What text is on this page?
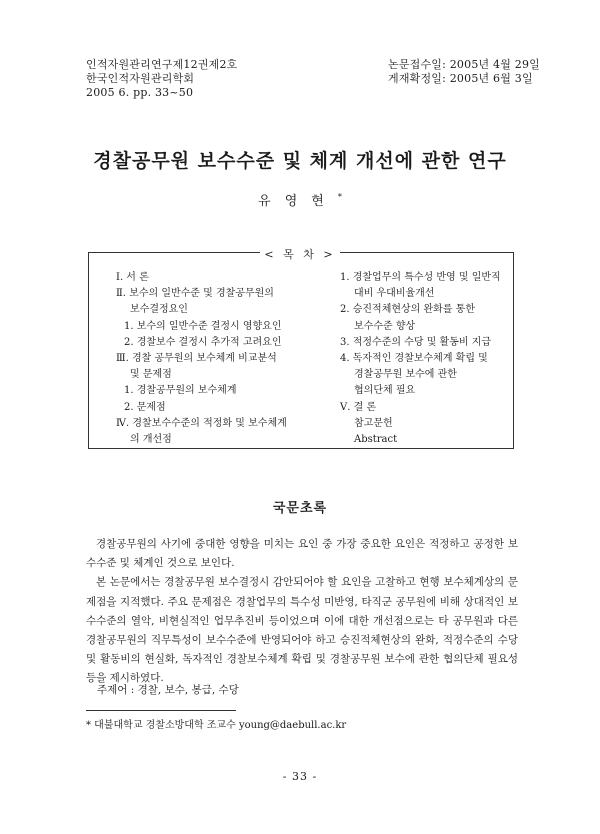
인적자원관리연구제12권제2호
한국인적자원관리학회
2005 6. pp. 33~50
논문접수일: 2005년 4월 29일
게재확정일: 2005년 6월 3일
경찰공무원 보수수준 및 체계 개선에 관한 연구
유영현*
< 목 차 >
Ⅰ. 서 론
Ⅱ. 보수의 일반수준 및 경찰공무원의
보수결정요인
1. 보수의 일반수준 결정시 영향요인
2. 경찰보수 결정시 추가적 고려요인
Ⅲ. 경찰 공무원의 보수체계 비교분석
및 문제점
1. 경찰공무원의 보수체계
2. 문제점
Ⅳ. 경찰보수수준의 적정화 및 보수체계
의 개선점
1. 경찰업무의 특수성 반영 및 일반직
대비 우대비율개선
2. 승진적체현상의 완화를 통한
보수수준 향상
3. 적정수준의 수당 및 활동비 지급
4. 독자적인 경찰보수체계 확립 및
경찰공무원 보수에 관한
협의단체 필요
Ⅴ. 결 론
참고문헌
Abstract
국문초록

경찰공무원의 사기에 중대한 영향을 미치는 요인 중 가장 중요한 요인은 적정하고 공정한 보수수준 및 체계인 것으로 보인다.

본 논문에서는 경찰공무원 보수결정시 감안되어야 할 요인을 고찰하고 현행 보수체계상의 문제점을 지적했다. 주요 문제점은 경찰업무의 특수성 미반영, 타직군 공무원에 비해 상대적인 보수수준의 열악, 비현실적인 업무추진비 등이었으며 이에 대한 개선점으로는 타 공무원과 다른 경찰공무원의 직무특성이 보수수준에 반영되어야 하고 승진적체현상의 완화, 적정수준의 수당 및 활동비의 현실화, 독자적인 경찰보수체계 확립 및 경찰공무원 보수에 관한 협의단체 필요성 등을 제시하였다.

주제어 : 경찰, 보수, 봉급, 수당
* 대불대학교 경찰소방대학 조교수 young@daebull.ac.kr
- 33 -
